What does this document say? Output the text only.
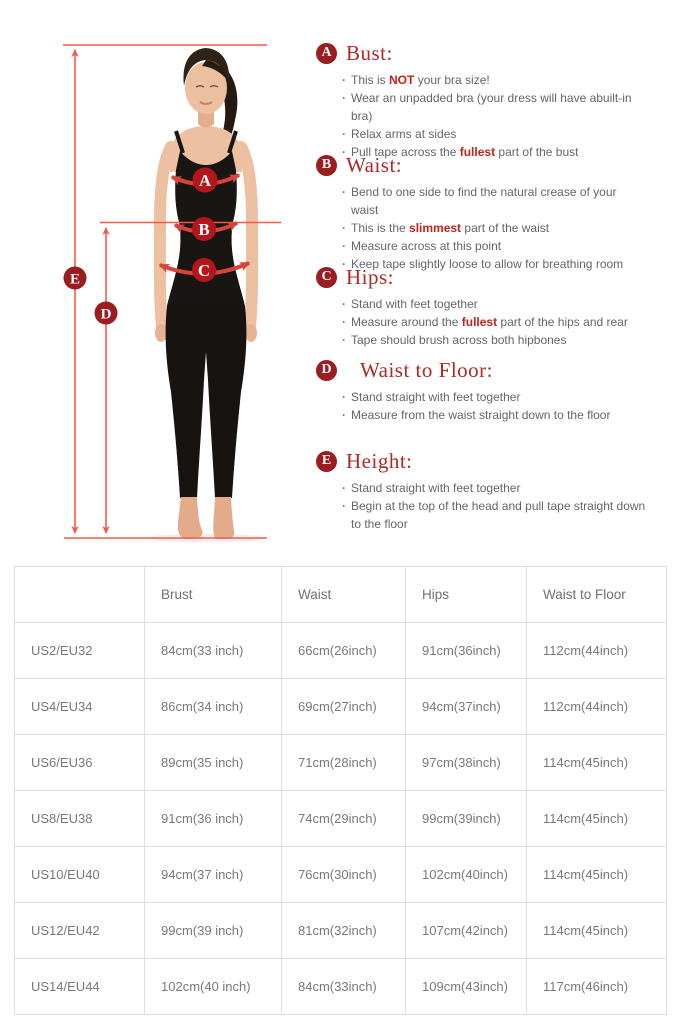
A
B
C
E
D
A Bust:
· This is NOT your bra size!
· Wear an unpadded bra (your dress will have abuilt-in bra)
· Relax arms at sides
· Pull tape across the fullest part of the bust
B Waist:
· Bend to one side to find the natural crease of your waist
· This is the slimmest part of the waist
· Measure across at this point
· Keep tape slightly loose to allow for breathing room
C Hips:
· Stand with feet together
· Measure around the fullest part of the hips and rear
· Tape should brush across both hipbones
D Waist to Floor:
· Stand straight with feet together
· Measure from the waist straight down to the floor
E Height:
· Stand straight with feet together
· Begin at the top of the head and pull tape straight down to the floor
	Brust	Waist	Hips	Waist to Floor
US2/EU32	84cm(33 inch)	66cm(26inch)	91cm(36inch)	112cm(44inch)
US4/EU34	86cm(34 inch)	69cm(27inch)	94cm(37inch)	112cm(44inch)
US6/EU36	89cm(35 inch)	71cm(28inch)	97cm(38inch)	114cm(45inch)
US8/EU38	91cm(36 inch)	74cm(29inch)	99cm(39inch)	114cm(45inch)
US10/EU40	94cm(37 inch)	76cm(30inch)	102cm(40inch)	114cm(45inch)
US12/EU42	99cm(39 inch)	81cm(32inch)	107cm(42inch)	114cm(45inch)
US14/EU44	102cm(40 inch)	84cm(33inch)	109cm(43inch)	117cm(46inch)
